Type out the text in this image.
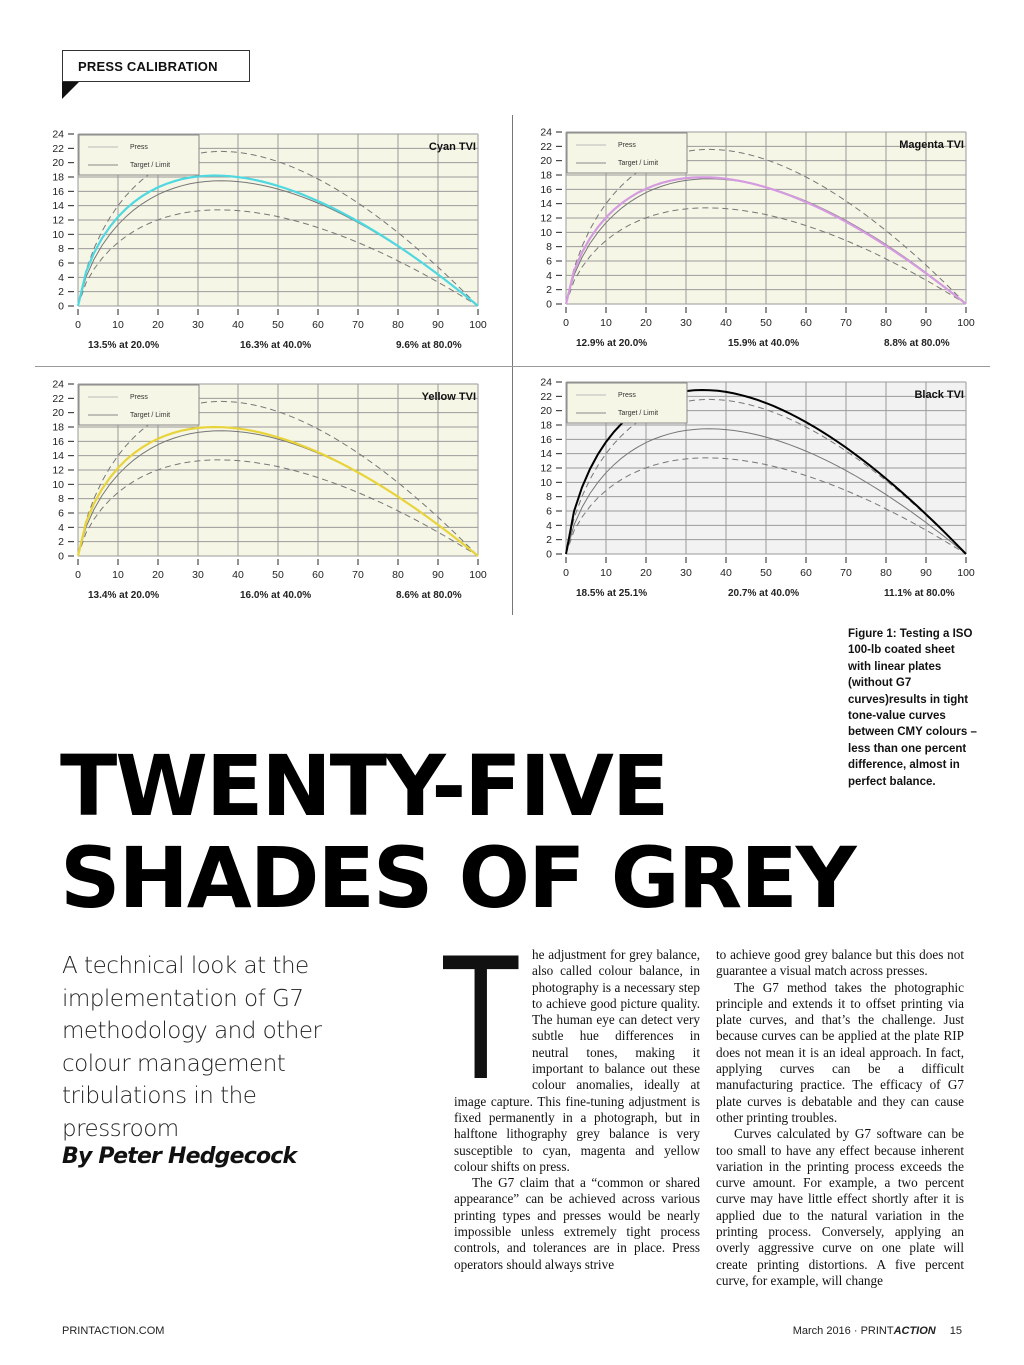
PRESS CALIBRATION
0
2
4
6
8
10
12
14
16
18
20
22
24
0	10	20	30	40	50	60	70	80	90 100
Press
Target / Limit
Cyan TVI
13.5% at 20.0%	16.3% at 40.0%	9.6% at 80.0%
0
2
4
6
8
10
12
14
16
18
20
22
24
0	10	20	30	40	50	60	70	80	90 100
Press
Target / Limit
Magenta TVI
12.9% at 20.0%	15.9% at 40.0%	8.8% at 80.0%
0
2
4
6
8
10
12
14
16
18
20
22
24
0	10	20	30	40	50	60	70	80	90 100
Press
Target / Limit
Yellow TVI
13.4% at 20.0%	16.0% at 40.0%	8.6% at 80.0%
0
2
4
6
8
10
12
14
16
18
20
22
24
0	10	20	30	40	50	60	70	80	90 100
Press
Target / Limit
Black TVI
18.5% at 25.1%	20.7% at 40.0%	11.1% at 80.0%
Figure 1: Testing a ISO 100-lb coated sheet with linear plates (without G7 curves)results in tight tone-value curves between CMY colours – less than one percent difference, almost in perfect balance.
TWENTY-FIVE
SHADES OF GREY
A technical look at the implementation of G7 methodology and other colour management tribulations in the pressroom
By Peter Hedgecock
T he adjustment for grey balance, also called colour balance, in photography is a necessary step to achieve good picture quality. The human eye can detect very subtle hue differences in neutral tones, making it important to balance out these colour anomalies, ideally at image capture. This fine-tuning adjustment is fixed permanently in a photograph, but in halftone lithography grey balance is very susceptible to cyan, magenta and yellow colour shifts on press.

The G7 claim that a “common or shared appearance” can be achieved across various printing types and presses would be nearly impossible unless extremely tight process controls, and tolerances are in place. Press operators should always strive

to achieve good grey balance but this does not guarantee a visual match across presses.

The G7 method takes the photographic principle and extends it to offset printing via plate curves, and that’s the challenge. Just because curves can be applied at the plate RIP does not mean it is an ideal approach. In fact, applying curves can be a difficult manufacturing practice. The efficacy of G7 plate curves is debatable and they can cause other printing troubles.

Curves calculated by G7 software can be too small to have any effect because inherent variation in the printing process exceeds the curve amount. For example, a two percent curve may have little effect shortly after it is applied due to the natural variation in the printing process. Conversely, applying an overly aggressive curve on one plate will create printing distortions. A five percent curve, for example, will change

PRINTACTION.COM	March 2016 · PRINTACTION 15
